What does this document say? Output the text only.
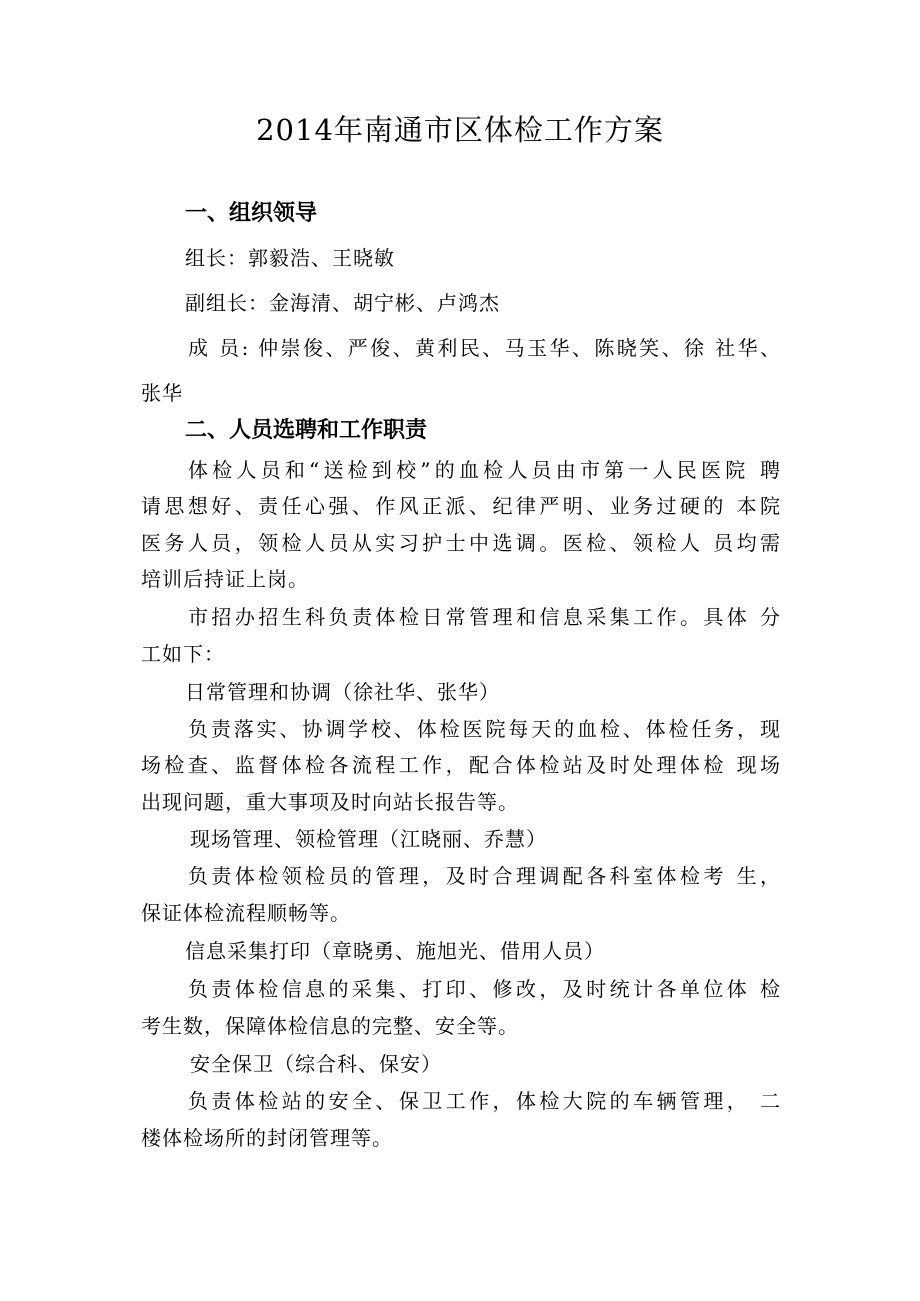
2014年南通市区体检工作方案
一、组织领导
组长：郭毅浩、王晓敏
副组长：金海清、胡宁彬、卢鸿杰
成 员: 仲崇俊、严俊、黄利民、马玉华、陈晓笑、徐 社华、
张华
二、人员选聘和工作职责
体检人员和“送检到校”的血检人员由市第一人民医院 聘
请思想好、责任心强、作风正派、纪律严明、业务过硬的 本院
医务人员，领检人员从实习护士中选调。医检、领检人 员均需
培训后持证上岗。
市招办招生科负责体检日常管理和信息采集工作。具体 分
工如下：
日常管理和协调（徐社华、张华）
负责落实、协调学校、体检医院每天的血检、体检任务，现
场检查、监督体检各流程工作，配合体检站及时处理体检 现场
出现问题，重大事项及时向站长报告等。
现场管理、领检管理（江晓丽、乔慧）
负责体检领检员的管理，及时合理调配各科室体检考 生，
保证体检流程顺畅等。
信息采集打印（章晓勇、施旭光、借用人员）
负责体检信息的采集、打印、修改，及时统计各单位体 检
考生数，保障体检信息的完整、安全等。
安全保卫（综合科、保安）
负责体检站的安全、保卫工作，体检大院的车辆管理， 二
楼体检场所的封闭管理等。
